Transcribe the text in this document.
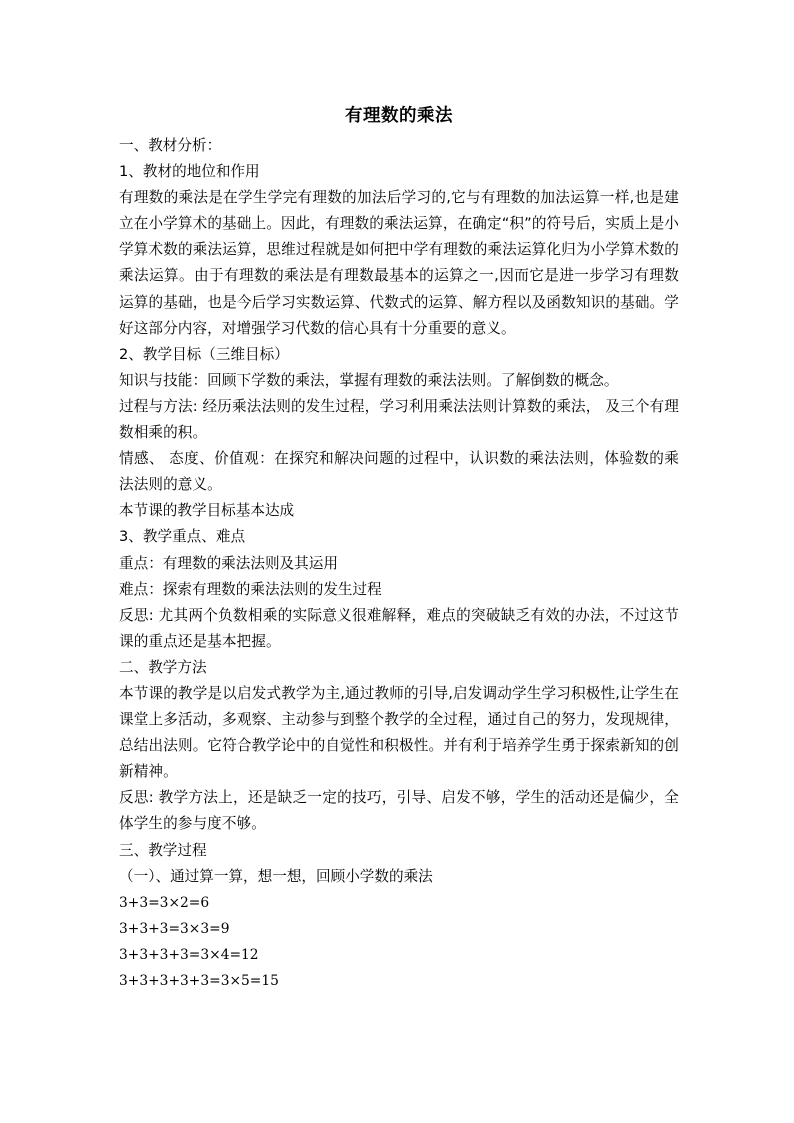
有理数的乘法

一、教材分析：

1、教材的地位和作用

有理数的乘法是在学生学完有理数的加法后学习的,它与有理数的加法运算一样,也是建立在小学算术的基础上。因此，有理数的乘法运算，在确定“积”的符号后，实质上是小学算术数的乘法运算，思维过程就是如何把中学有理数的乘法运算化归为小学算术数的乘法运算。由于有理数的乘法是有理数最基本的运算之一,因而它是进一步学习有理数运算的基础，也是今后学习实数运算、代数式的运算、解方程以及函数知识的基础。学好这部分内容，对增强学习代数的信心具有十分重要的意义。

2、教学目标（三维目标）

知识与技能：回顾下学数的乘法，掌握有理数的乘法法则。了解倒数的概念。

过程与方法: 经历乘法法则的发生过程，学习利用乘法法则计算数的乘法， 及三个有理数相乘的积。

情感、 态度、价值观：在探究和解决问题的过程中，认识数的乘法法则，体验数的乘法法则的意义。

本节课的教学目标基本达成

3、教学重点、难点

重点：有理数的乘法法则及其运用

难点：探索有理数的乘法法则的发生过程

反思: 尤其两个负数相乘的实际意义很难解释，难点的突破缺乏有效的办法，不过这节课的重点还是基本把握。

二、教学方法

本节课的教学是以启发式教学为主,通过教师的引导,启发调动学生学习积极性,让学生在课堂上多活动，多观察、主动参与到整个教学的全过程，通过自己的努力，发现规律，总结出法则。它符合教学论中的自觉性和积极性。并有利于培养学生勇于探索新知的创新精神。

反思: 教学方法上，还是缺乏一定的技巧，引导、启发不够，学生的活动还是偏少，全体学生的参与度不够。

三、教学过程

（一）、通过算一算，想一想，回顾小学数的乘法

3+3=3×2=6

3+3+3=3×3=9

3+3+3+3=3×4=12

3+3+3+3+3=3×5=15
